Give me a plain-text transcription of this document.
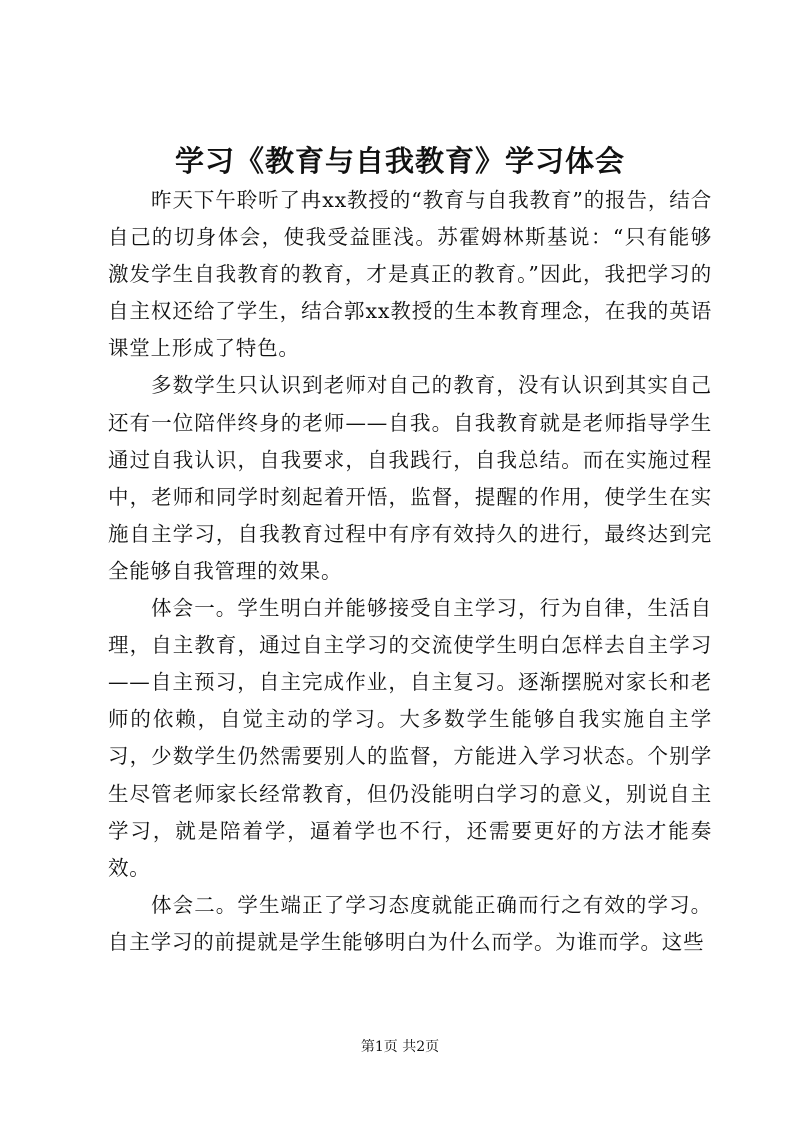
学习《教育与自我教育》学习体会

昨天下午聆听了冉xx教授的“教育与自我教育”的报告，结合自己的切身体会，使我受益匪浅。苏霍姆林斯基说：“只有能够激发学生自我教育的教育，才是真正的教育。”因此，我把学习的自主权还给了学生，结合郭xx教授的生本教育理念，在我的英语课堂上形成了特色。

多数学生只认识到老师对自己的教育，没有认识到其实自己还有一位陪伴终身的老师——自我。自我教育就是老师指导学生通过自我认识，自我要求，自我践行，自我总结。而在实施过程中，老师和同学时刻起着开悟，监督，提醒的作用，使学生在实施自主学习，自我教育过程中有序有效持久的进行，最终达到完全能够自我管理的效果。

体会一。学生明白并能够接受自主学习，行为自律，生活自理，自主教育，通过自主学习的交流使学生明白怎样去自主学习——自主预习，自主完成作业，自主复习。逐渐摆脱对家长和老师的依赖，自觉主动的学习。大多数学生能够自我实施自主学习，少数学生仍然需要别人的监督，方能进入学习状态。个别学生尽管老师家长经常教育，但仍没能明白学习的意义，别说自主学习，就是陪着学，逼着学也不行，还需要更好的方法才能奏效。

体会二。学生端正了学习态度就能正确而行之有效的学习。自主学习的前提就是学生能够明白为什么而学。为谁而学。这些

第1页 共2页
